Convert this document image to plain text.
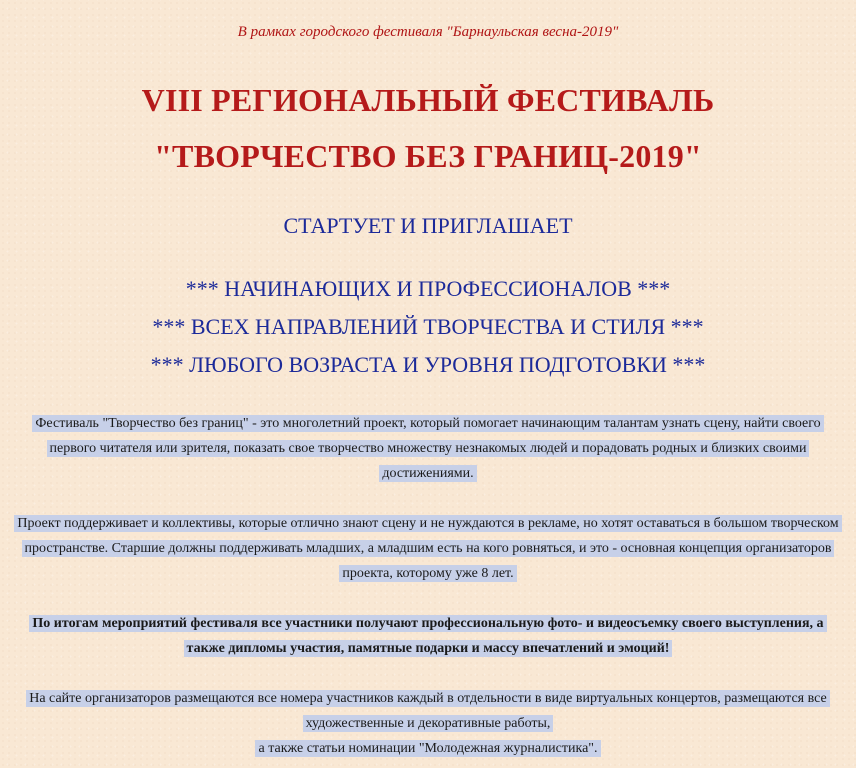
В рамках городского фестиваля "Барнаульская весна-2019"
VIII РЕГИОНАЛЬНЫЙ ФЕСТИВАЛЬ
"ТВОРЧЕСТВО БЕЗ ГРАНИЦ-2019"
СТАРТУЕТ И ПРИГЛАШАЕТ
*** НАЧИНАЮЩИХ И ПРОФЕССИОНАЛОВ ***
*** ВСЕХ НАПРАВЛЕНИЙ ТВОРЧЕСТВА И СТИЛЯ ***
*** ЛЮБОГО ВОЗРАСТА И УРОВНЯ ПОДГОТОВКИ ***
Фестиваль "Творчество без границ" - это многолетний проект, который помогает начинающим талантам узнать сцену, найти своего первого читателя или зрителя, показать свое творчество множеству незнакомых людей и порадовать родных и близких своими достижениями.
Проект поддерживает и коллективы, которые отлично знают сцену и не нуждаются в рекламе, но хотят оставаться в большом творческом пространстве. Старшие должны поддерживать младших, а младшим есть на кого ровняться, и это - основная концепция организаторов проекта, которому уже 8 лет.
По итогам мероприятий фестиваля все участники получают профессиональную фото- и видеосъемку своего выступления, а также дипломы участия, памятные подарки и массу впечатлений и эмоций!
На сайте организаторов размещаются все номера участников каждый в отдельности в виде виртуальных концертов, размещаются все художественные и декоративные работы,
а также статьи номинации "Молодежная журналистика".
